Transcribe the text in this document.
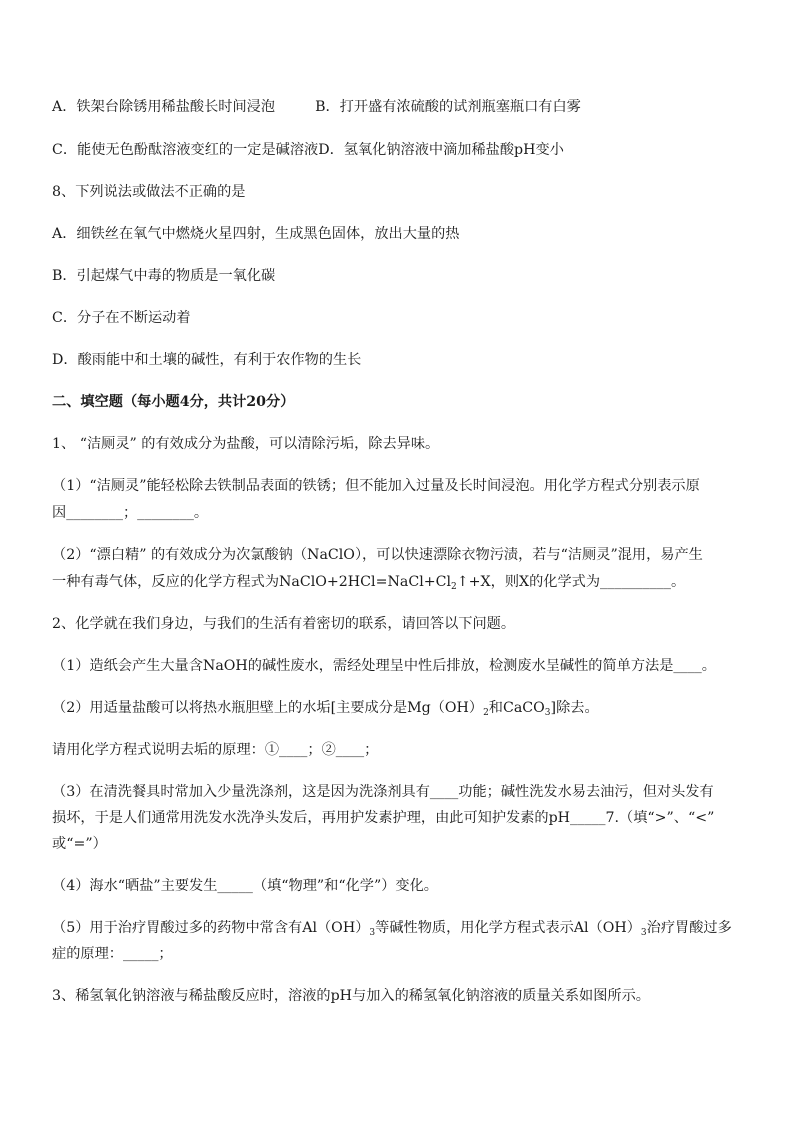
A．铁架台除锈用稀盐酸长时间浸泡	B．打开盛有浓硫酸的试剂瓶塞瓶口有白雾
C．能使无色酚酞溶液变红的一定是碱溶液D．氢氧化钠溶液中滴加稀盐酸pH变小
8、下列说法或做法不正确的是
A．细铁丝在氧气中燃烧火星四射，生成黑色固体，放出大量的热
B．引起煤气中毒的物质是一氧化碳
C．分子在不断运动着
D．酸雨能中和土壤的碱性，有利于农作物的生长
二、填空题（每小题4分，共计20分）
1、 “洁厕灵” 的有效成分为盐酸，可以清除污垢，除去异味。
（1）“洁厕灵”能轻松除去铁制品表面的铁锈；但不能加入过量及长时间浸泡。用化学方程式分别表示原
因________；________。
（2）“漂白精” 的有效成分为次氯酸钠（NaClO），可以快速漂除衣物污渍，若与“洁厕灵”混用，易产生
一种有毒气体，反应的化学方程式为$NaClO+2HCl=NaCl+Cl_2↑+X$，则X的化学式为__________。
2、化学就在我们身边，与我们的生活有着密切的联系，请回答以下问题。
（1）造纸会产生大量含NaOH的碱性废水，需经处理呈中性后排放，检测废水呈碱性的简单方法是____。
（2）用适量盐酸可以将热水瓶胆壁上的水垢[主要成分是$Mg(OH)_2$和CaCO$_3$]除去。
请用化学方程式说明去垢的原理：①____；②____；
（3）在清洗餐具时常加入少量洗涤剂，这是因为洗涤剂具有____功能；碱性洗发水易去油污，但对头发有
损坏，于是人们通常用洗发水洗净头发后，再用护发素护理，由此可知护发素的pH_____7.（填“>”、“<”
或“=”）
（4）海水“晒盐”主要发生_____（填“物理”和“化学”）变化。
（5）用于治疗胃酸过多的药物中常含有$Al(OH)_3$等碱性物质，用化学方程式表示$Al(OH)_3$治疗胃酸过多
症的原理：_____；
3、稀氢氧化钠溶液与稀盐酸反应时，溶液的pH与加入的稀氢氧化钠溶液的质量关系如图所示。
